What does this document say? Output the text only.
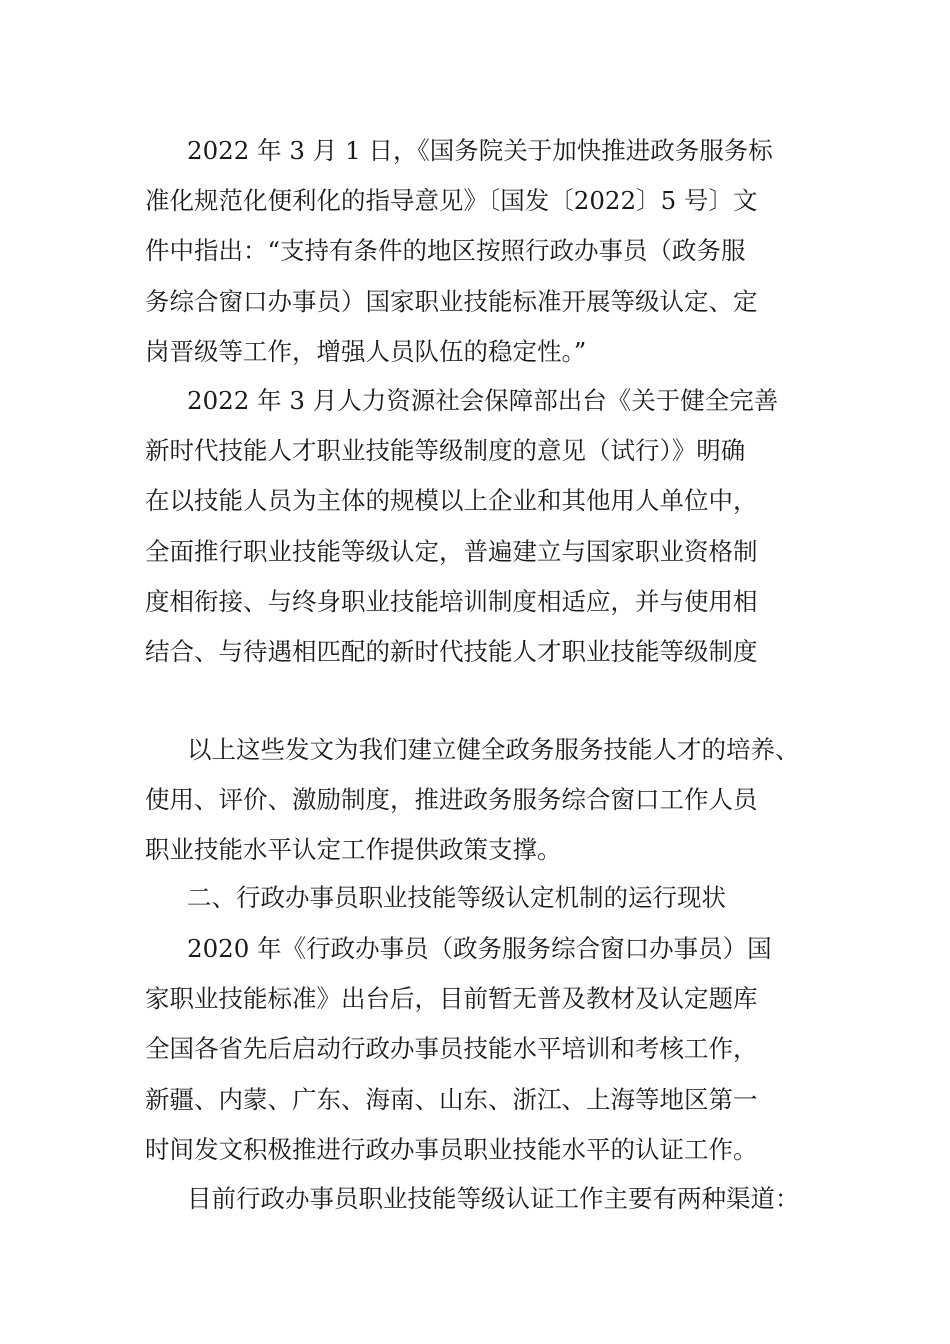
2022 年 3 月 1 日，《国务院关于加快推进政务服务标
准化规范化便利化的指导意见》〔国发〔2022〕5 号〕文
件中指出：“支持有条件的地区按照行政办事员（政务服
务综合窗口办事员）国家职业技能标准开展等级认定、定
岗晋级等工作，增强人员队伍的稳定性。”
2022 年 3 月人力资源社会保障部出台《关于健全完善
新时代技能人才职业技能等级制度的意见（试行）》明确
在以技能人员为主体的规模以上企业和其他用人单位中，
全面推行职业技能等级认定，普遍建立与国家职业资格制
度相衔接、与终身职业技能培训制度相适应，并与使用相
结合、与待遇相匹配的新时代技能人才职业技能等级制度
以上这些发文为我们建立健全政务服务技能人才的培养、
使用、评价、激励制度，推进政务服务综合窗口工作人员
职业技能水平认定工作提供政策支撑。
二、行政办事员职业技能等级认定机制的运行现状
2020 年《行政办事员（政务服务综合窗口办事员）国
家职业技能标准》出台后，目前暂无普及教材及认定题库
全国各省先后启动行政办事员技能水平培训和考核工作，
新疆、内蒙、广东、海南、山东、浙江、上海等地区第一
时间发文积极推进行政办事员职业技能水平的认证工作。
目前行政办事员职业技能等级认证工作主要有两种渠道：
